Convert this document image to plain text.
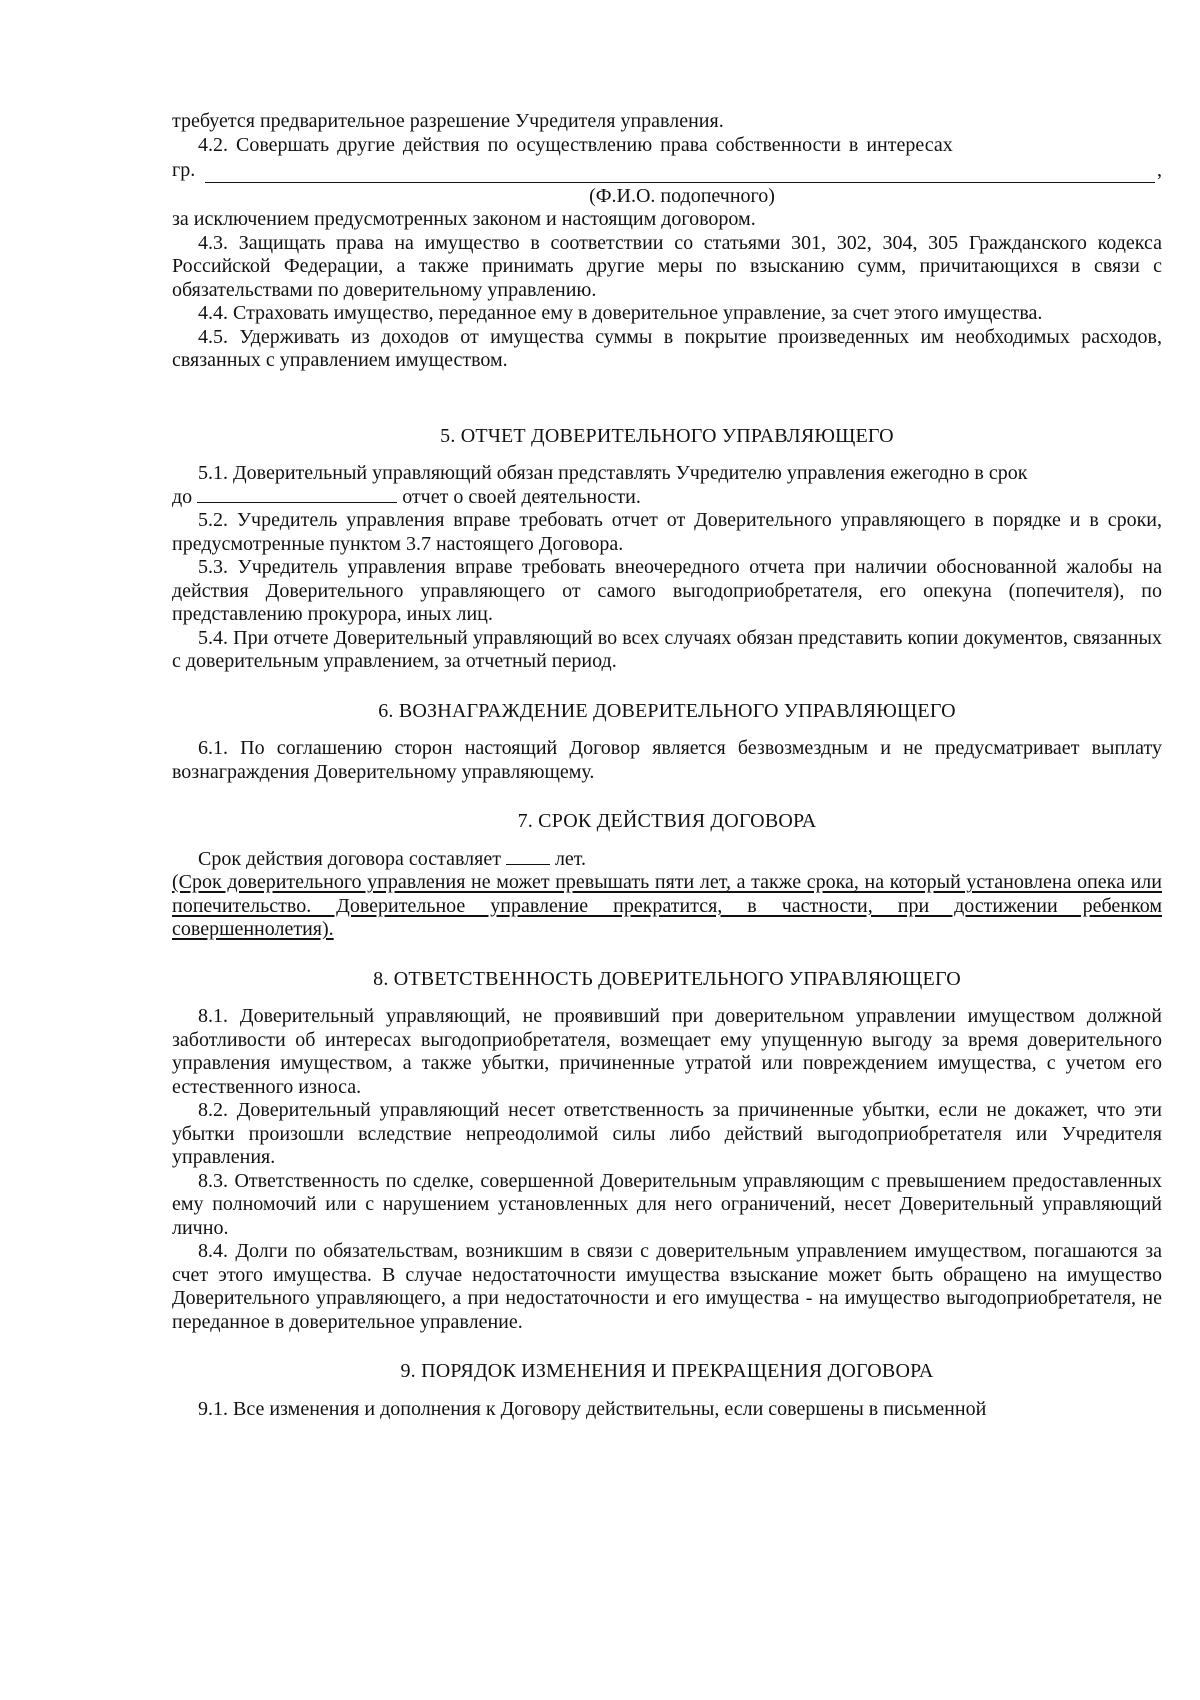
требуется предварительное разрешение Учредителя управления.

4.2. Совершать другие действия по осуществлению права собственности в интересах

гр.	,
(Ф.И.О. подопечного)

за исключением предусмотренных законом и настоящим договором.

4.3. Защищать права на имущество в соответствии со статьями 301, 302, 304, 305 Гражданского кодекса Российской Федерации, а также принимать другие меры по взысканию сумм, причитающихся в связи с обязательствами по доверительному управлению.

4.4. Страховать имущество, переданное ему в доверительное управление, за счет этого имущества.

4.5. Удерживать из доходов от имущества суммы в покрытие произведенных им необходимых расходов, связанных с управлением имуществом.

5. ОТЧЕТ ДОВЕРИТЕЛЬНОГО УПРАВЛЯЮЩЕГО

5.1. Доверительный управляющий обязан представлять Учредителю управления ежегодно в срок

до	отчет о своей деятельности.

5.2. Учредитель управления вправе требовать отчет от Доверительного управляющего в порядке и в сроки, предусмотренные пунктом 3.7 настоящего Договора.

5.3. Учредитель управления вправе требовать внеочередного отчета при наличии обоснованной жалобы на действия Доверительного управляющего от самого выгодоприобретателя, его опекуна (попечителя), по представлению прокурора, иных лиц.

5.4. При отчете Доверительный управляющий во всех случаях обязан представить копии документов, связанных с доверительным управлением, за отчетный период.

6. ВОЗНАГРАЖДЕНИЕ ДОВЕРИТЕЛЬНОГО УПРАВЛЯЮЩЕГО

6.1. По соглашению сторон настоящий Договор является безвозмездным и не предусматривает выплату вознаграждения Доверительному управляющему.

7. СРОК ДЕЙСТВИЯ ДОГОВОРА

Срок действия договора составляет	лет.

(Срок доверительного управления не может превышать пяти лет, а также срока, на который установлена опека или попечительство. Доверительное управление прекратится, в частности, при достижении ребенком совершеннолетия).

8. ОТВЕТСТВЕННОСТЬ ДОВЕРИТЕЛЬНОГО УПРАВЛЯЮЩЕГО

8.1. Доверительный управляющий, не проявивший при доверительном управлении имуществом должной заботливости об интересах выгодоприобретателя, возмещает ему упущенную выгоду за время доверительного управления имуществом, а также убытки, причиненные утратой или повреждением имущества, с учетом его естественного износа.

8.2. Доверительный управляющий несет ответственность за причиненные убытки, если не докажет, что эти убытки произошли вследствие непреодолимой силы либо действий выгодоприобретателя или Учредителя управления.

8.3. Ответственность по сделке, совершенной Доверительным управляющим с превышением предоставленных ему полномочий или с нарушением установленных для него ограничений, несет Доверительный управляющий лично.

8.4. Долги по обязательствам, возникшим в связи с доверительным управлением имуществом, погашаются за счет этого имущества. В случае недостаточности имущества взыскание может быть обращено на имущество Доверительного управляющего, а при недостаточности и его имущества - на имущество выгодоприобретателя, не переданное в доверительное управление.

9. ПОРЯДОК ИЗМЕНЕНИЯ И ПРЕКРАЩЕНИЯ ДОГОВОРА

9.1. Все изменения и дополнения к Договору действительны, если совершены в письменной
